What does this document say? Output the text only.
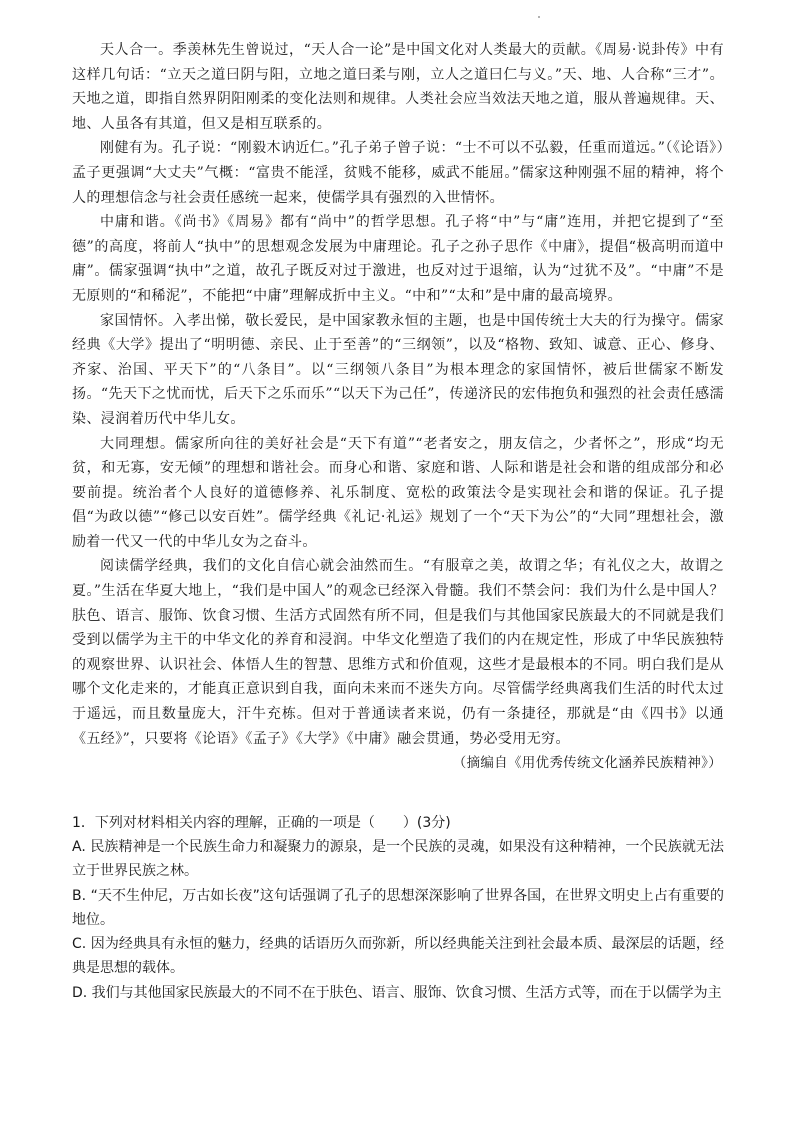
天人合一。季羡林先生曾说过，“天人合一论”是中国文化对人类最大的贡献。《周易·说卦传》中有这样几句话：“立天之道曰阴与阳，立地之道曰柔与刚，立人之道曰仁与义。”天、地、人合称“三才”。天地之道，即指自然界阴阳刚柔的变化法则和规律。人类社会应当效法天地之道，服从普遍规律。天、地、人虽各有其道，但又是相互联系的。

刚健有为。孔子说：“刚毅木讷近仁。”孔子弟子曾子说：“士不可以不弘毅，任重而道远。”（《论语》）孟子更强调“大丈夫”气概：“富贵不能淫，贫贱不能移，威武不能屈。”儒家这种刚强不屈的精神，将个人的理想信念与社会责任感统一起来，使儒学具有强烈的入世情怀。

中庸和谐。《尚书》《周易》都有“尚中”的哲学思想。孔子将“中”与“庸”连用，并把它提到了“至德”的高度，将前人“执中”的思想观念发展为中庸理论。孔子之孙子思作《中庸》，提倡“极高明而道中庸”。儒家强调“执中”之道，故孔子既反对过于激进，也反对过于退缩，认为“过犹不及”。“中庸”不是无原则的“和稀泥”，不能把“中庸”理解成折中主义。“中和”“太和”是中庸的最高境界。

家国情怀。入孝出悌，敬长爱民，是中国家教永恒的主题，也是中国传统士大夫的行为操守。儒家经典《大学》提出了“明明德、亲民、止于至善”的“三纲领”，以及“格物、致知、诚意、正心、修身、齐家、治国、平天下”的“八条目”。以“三纲领八条目”为根本理念的家国情怀，被后世儒家不断发扬。“先天下之忧而忧，后天下之乐而乐”“以天下为己任”，传递济民的宏伟抱负和强烈的社会责任感濡染、浸润着历代中华儿女。

大同理想。儒家所向往的美好社会是“天下有道”“老者安之，朋友信之，少者怀之”，形成“均无贫，和无寡，安无倾”的理想和谐社会。而身心和谐、家庭和谐、人际和谐是社会和谐的组成部分和必要前提。统治者个人良好的道德修养、礼乐制度、宽松的政策法令是实现社会和谐的保证。孔子提倡“为政以德”“修己以安百姓”。儒学经典《礼记·礼运》规划了一个“天下为公”的“大同”理想社会，激励着一代又一代的中华儿女为之奋斗。

阅读儒学经典，我们的文化自信心就会油然而生。“有服章之美，故谓之华；有礼仪之大，故谓之夏。”生活在华夏大地上，“我们是中国人”的观念已经深入骨髓。我们不禁会问：我们为什么是中国人？肤色、语言、服饰、饮食习惯、生活方式固然有所不同，但是我们与其他国家民族最大的不同就是我们受到以儒学为主干的中华文化的养育和浸润。中华文化塑造了我们的内在规定性，形成了中华民族独特的观察世界、认识社会、体悟人生的智慧、思维方式和价值观，这些才是最根本的不同。明白我们是从哪个文化走来的，才能真正意识到自我，面向未来而不迷失方向。尽管儒学经典离我们生活的时代太过于遥远，而且数量庞大，汗牛充栋。但对于普通读者来说，仍有一条捷径，那就是“由《四书》以通《五经》”，只要将《论语》《孟子》《大学》《中庸》融会贯通，势必受用无穷。

（摘编自《用优秀传统文化涵养民族精神》）

1．下列对材料相关内容的理解，正确的一项是（　　）(3分)

A. 民族精神是一个民族生命力和凝聚力的源泉，是一个民族的灵魂，如果没有这种精神，一个民族就无法立于世界民族之林。

B. “天不生仲尼，万古如长夜”这句话强调了孔子的思想深深影响了世界各国，在世界文明史上占有重要的地位。

C. 因为经典具有永恒的魅力，经典的话语历久而弥新，所以经典能关注到社会最本质、最深层的话题，经典是思想的载体。

D. 我们与其他国家民族最大的不同不在于肤色、语言、服饰、饮食习惯、生活方式等，而在于以儒学为主
